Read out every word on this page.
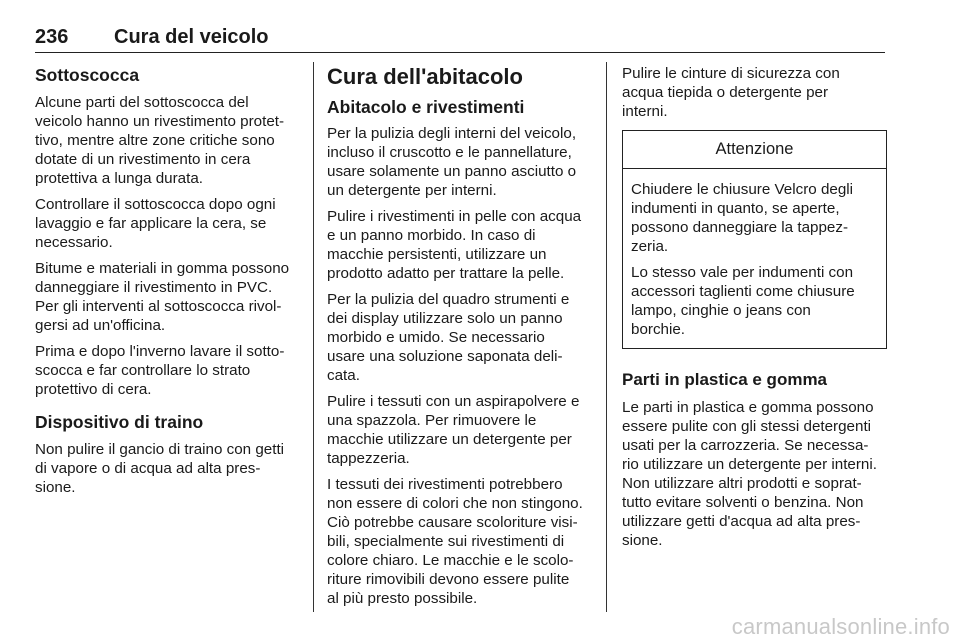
236 Cura del veicolo
Sottoscocca
Alcune parti del sottoscocca del
veicolo hanno un rivestimento protet-
tivo, mentre altre zone critiche sono
dotate di un rivestimento in cera
protettiva a lunga durata.
Controllare il sottoscocca dopo ogni
lavaggio e far applicare la cera, se
necessario.
Bitume e materiali in gomma possono
danneggiare il rivestimento in PVC.
Per gli interventi al sottoscocca rivol-
gersi ad un'officina.
Prima e dopo l'inverno lavare il sotto-
scocca e far controllare lo strato
protettivo di cera.
Dispositivo di traino
Non pulire il gancio di traino con getti
di vapore o di acqua ad alta pres-
sione.
Cura dell'abitacolo
Abitacolo e rivestimenti
Per la pulizia degli interni del veicolo,
incluso il cruscotto e le pannellature,
usare solamente un panno asciutto o
un detergente per interni.
Pulire i rivestimenti in pelle con acqua
e un panno morbido. In caso di
macchie persistenti, utilizzare un
prodotto adatto per trattare la pelle.
Per la pulizia del quadro strumenti e
dei display utilizzare solo un panno
morbido e umido. Se necessario
usare una soluzione saponata deli-
cata.
Pulire i tessuti con un aspirapolvere e
una spazzola. Per rimuovere le
macchie utilizzare un detergente per
tappezzeria.
I tessuti dei rivestimenti potrebbero
non essere di colori che non stingono.
Ciò potrebbe causare scoloriture visi-
bili, specialmente sui rivestimenti di
colore chiaro. Le macchie e le scolo-
riture rimovibili devono essere pulite
al più presto possibile.
Pulire le cinture di sicurezza con
acqua tiepida o detergente per
interni.
Attenzione
Chiudere le chiusure Velcro degli
indumenti in quanto, se aperte,
possono danneggiare la tappez-
zeria.
Lo stesso vale per indumenti con
accessori taglienti come chiusure
lampo, cinghie o jeans con
borchie.
Parti in plastica e gomma
Le parti in plastica e gomma possono
essere pulite con gli stessi detergenti
usati per la carrozzeria. Se necessa-
rio utilizzare un detergente per interni.
Non utilizzare altri prodotti e soprat-
tutto evitare solventi o benzina. Non
utilizzare getti d'acqua ad alta pres-
sione.
carmanualsonline.info
